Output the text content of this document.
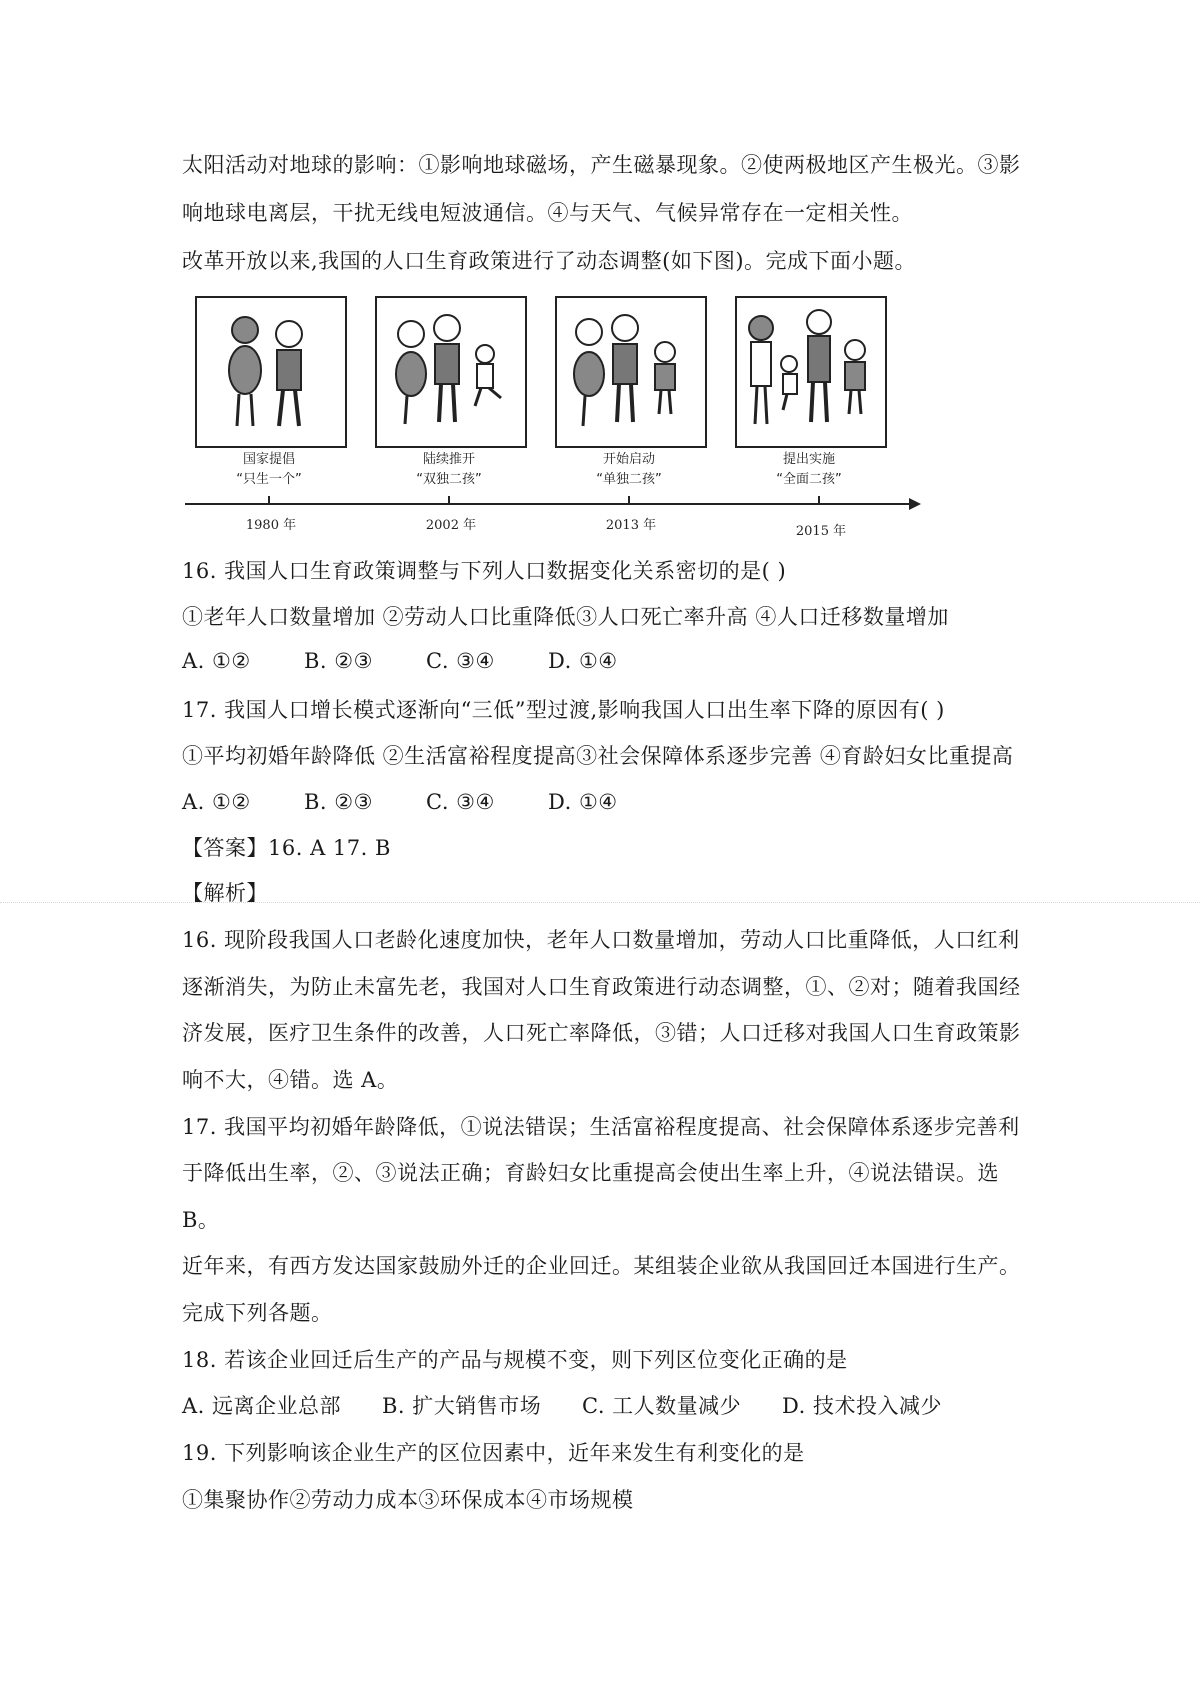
太阳活动对地球的影响：①影响地球磁场，产生磁暴现象。②使两极地区产生极光。③影
响地球电离层，干扰无线电短波通信。④与天气、气候异常存在一定相关性。
改革开放以来,我国的人口生育政策进行了动态调整(如下图)。完成下面小题。
国家提倡
“只生一个”
陆续推开
“双独二孩”
开始启动
“单独二孩”
提出实施
“全面二孩”
1980 年	2002 年	2013 年	2015 年
16. 我国人口生育政策调整与下列人口数据变化关系密切的是( )
①老年人口数量增加 ②劳动人口比重降低③人口死亡率升高 ④人口迁移数量增加
A. ①②	B. ②③	C. ③④	D. ①④
17. 我国人口增长模式逐渐向“三低”型过渡,影响我国人口出生率下降的原因有( )
①平均初婚年龄降低 ②生活富裕程度提高③社会保障体系逐步完善 ④育龄妇女比重提高
A. ①②	B. ②③	C. ③④	D. ①④
【答案】16. A 17. B
【解析】
16. 现阶段我国人口老龄化速度加快，老年人口数量增加，劳动人口比重降低，人口红利
逐渐消失，为防止未富先老，我国对人口生育政策进行动态调整，①、②对；随着我国经
济发展，医疗卫生条件的改善，人口死亡率降低，③错；人口迁移对我国人口生育政策影
响不大，④错。选 A。
17. 我国平均初婚年龄降低，①说法错误；生活富裕程度提高、社会保障体系逐步完善利
于降低出生率，②、③说法正确；育龄妇女比重提高会使出生率上升，④说法错误。选
B。
近年来，有西方发达国家鼓励外迁的企业回迁。某组装企业欲从我国回迁本国进行生产。
完成下列各题。
18. 若该企业回迁后生产的产品与规模不变，则下列区位变化正确的是
A. 远离企业总部 B. 扩大销售市场 C. 工人数量减少 D. 技术投入减少
19. 下列影响该企业生产的区位因素中，近年来发生有利变化的是
①集聚协作②劳动力成本③环保成本④市场规模
